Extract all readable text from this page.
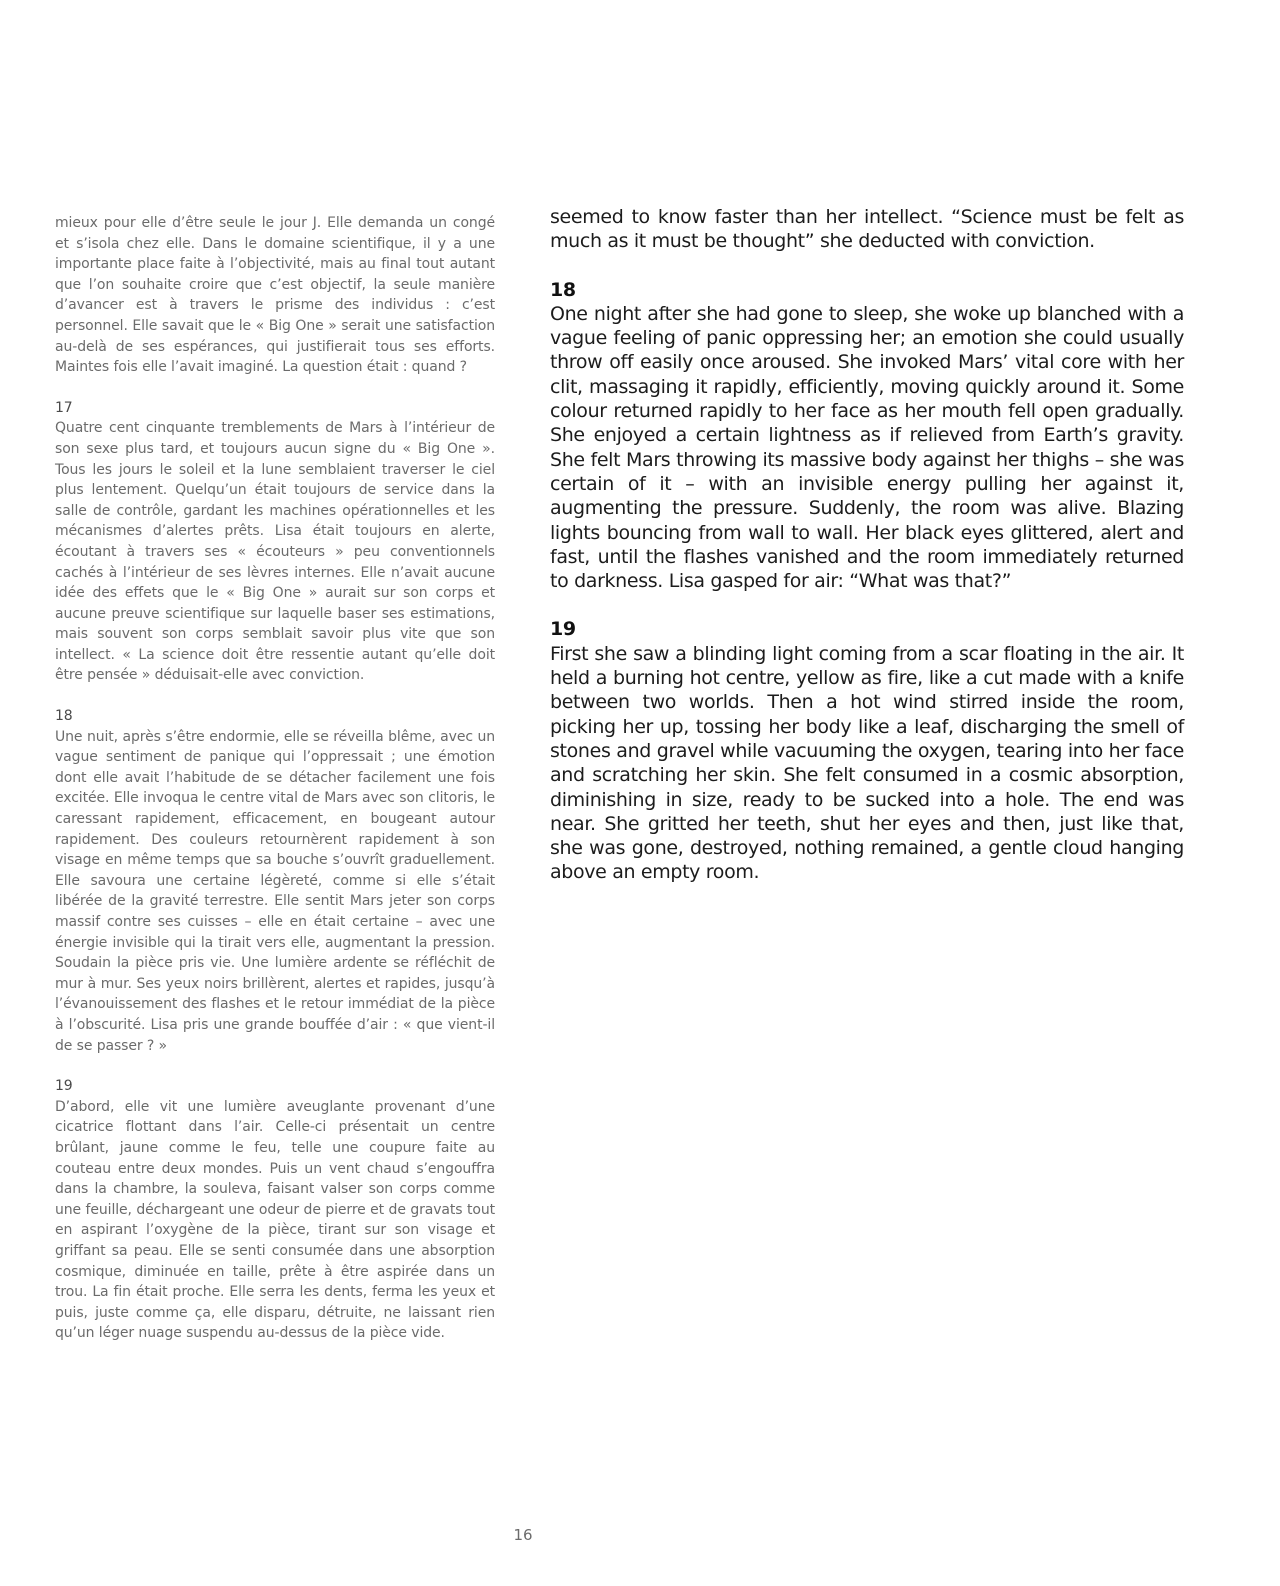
mieux pour elle d’être seule le jour J. Elle demanda un congé et s’isola chez elle. Dans le domaine scientifique, il y a une importante place faite à l’objectivité, mais au final tout autant que l’on souhaite croire que c’est objectif, la seule manière d’avancer est à travers le prisme des individus : c’est personnel. Elle savait que le « Big One » serait une satisfaction au-delà de ses espérances, qui justifierait tous ses efforts. Maintes fois elle l’avait imaginé. La question était : quand ?

17

Quatre cent cinquante tremblements de Mars à l’intérieur de son sexe plus tard, et toujours aucun signe du « Big One ». Tous les jours le soleil et la lune semblaient traverser le ciel plus lentement. Quelqu’un était toujours de service dans la salle de contrôle, gardant les machines opérationnelles et les mécanismes d’alertes prêts. Lisa était toujours en alerte, écoutant à travers ses « écouteurs » peu conventionnels cachés à l’intérieur de ses lèvres internes. Elle n’avait aucune idée des effets que le « Big One » aurait sur son corps et aucune preuve scientifique sur laquelle baser ses estimations, mais souvent son corps semblait savoir plus vite que son intellect. « La science doit être ressentie autant qu’elle doit être pensée » déduisait-elle avec conviction.

18

Une nuit, après s’être endormie, elle se réveilla blême, avec un vague sentiment de panique qui l’oppressait ; une émotion dont elle avait l’habitude de se détacher facilement une fois excitée. Elle invoqua le centre vital de Mars avec son clitoris, le caressant rapidement, efficacement, en bougeant autour rapidement. Des couleurs retournèrent rapidement à son visage en même temps que sa bouche s’ouvrît graduellement. Elle savoura une certaine légèreté, comme si elle s’était libérée de la gravité terrestre. Elle sentit Mars jeter son corps massif contre ses cuisses – elle en était certaine – avec une énergie invisible qui la tirait vers elle, augmentant la pression. Soudain la pièce pris vie. Une lumière ardente se réfléchit de mur à mur. Ses yeux noirs brillèrent, alertes et rapides, jusqu’à l’évanouissement des flashes et le retour immédiat de la pièce à l’obscurité. Lisa pris une grande bouffée d’air : « que vient-il de se passer ? »

19

D’abord, elle vit une lumière aveuglante provenant d’une cicatrice flottant dans l’air. Celle-ci présentait un centre brûlant, jaune comme le feu, telle une coupure faite au couteau entre deux mondes. Puis un vent chaud s’engouffra dans la chambre, la souleva, faisant valser son corps comme une feuille, déchargeant une odeur de pierre et de gravats tout en aspirant l’oxygène de la pièce, tirant sur son visage et griffant sa peau. Elle se senti consumée dans une absorption cosmique, diminuée en taille, prête à être aspirée dans un trou. La fin était proche. Elle serra les dents, ferma les yeux et puis, juste comme ça, elle disparu, détruite, ne laissant rien qu’un léger nuage suspendu au-dessus de la pièce vide.

seemed to know faster than her intellect. “Science must be felt as much as it must be thought” she deducted with conviction.

18

One night after she had gone to sleep, she woke up blanched with a vague feeling of panic oppressing her; an emotion she could usually throw off easily once aroused. She invoked Mars’ vital core with her clit, massaging it rapidly, efficiently, moving quickly around it. Some colour returned rapidly to her face as her mouth fell open gradually. She enjoyed a certain lightness as if relieved from Earth’s gravity. She felt Mars throwing its massive body against her thighs – she was certain of it – with an invisible energy pulling her against it, augmenting the pressure. Suddenly, the room was alive. Blazing lights bouncing from wall to wall. Her black eyes glittered, alert and fast, until the flashes vanished and the room immediately returned to darkness. Lisa gasped for air: “What was that?”

19

First she saw a blinding light coming from a scar floating in the air. It held a burning hot centre, yellow as fire, like a cut made with a knife between two worlds. Then a hot wind stirred inside the room, picking her up, tossing her body like a leaf, discharging the smell of stones and gravel while vacuuming the oxygen, tearing into her face and scratching her skin. She felt consumed in a cosmic absorption, diminishing in size, ready to be sucked into a hole. The end was near. She gritted her teeth, shut her eyes and then, just like that, she was gone, destroyed, nothing remained, a gentle cloud hanging above an empty room.

16
